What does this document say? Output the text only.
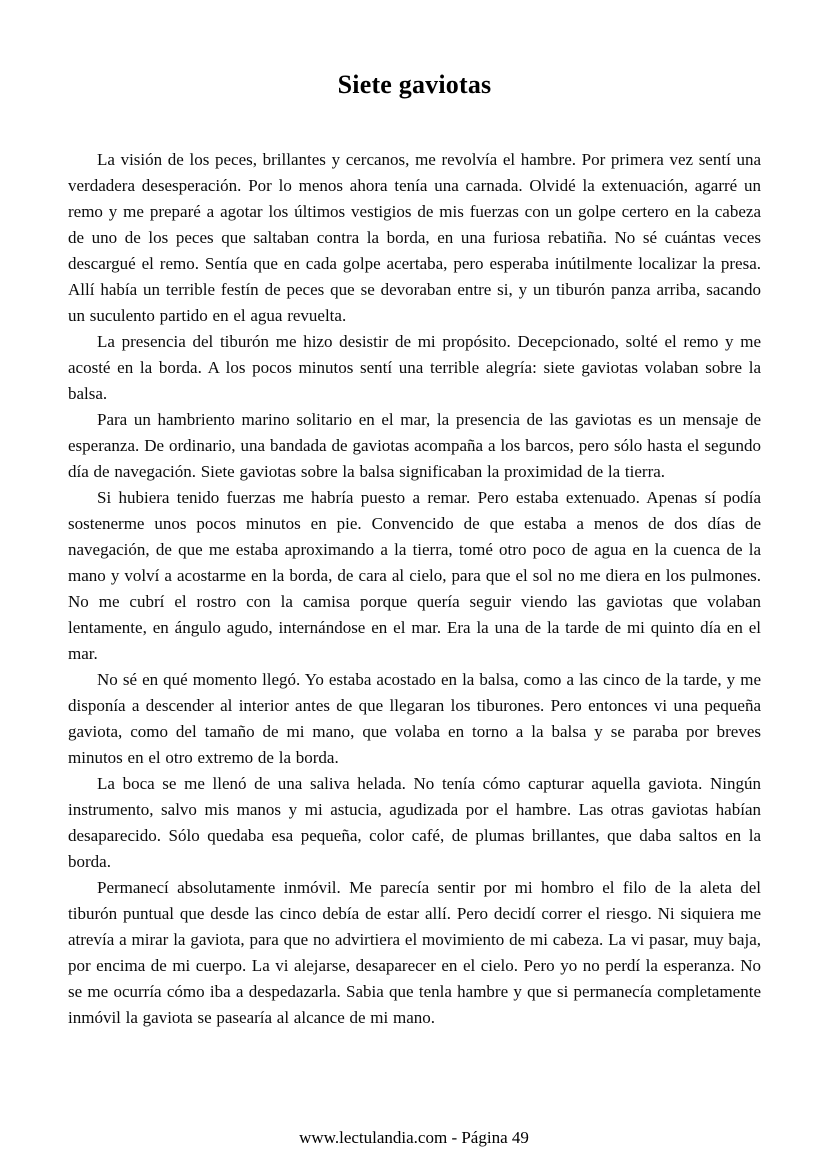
Siete gaviotas

La visión de los peces, brillantes y cercanos, me revolvía el hambre. Por primera vez sentí una verdadera desesperación. Por lo menos ahora tenía una carnada. Olvidé la extenuación, agarré un remo y me preparé a agotar los últimos vestigios de mis fuerzas con un golpe certero en la cabeza de uno de los peces que saltaban contra la borda, en una furiosa rebatiña. No sé cuántas veces descargué el remo. Sentía que en cada golpe acertaba, pero esperaba inútilmente localizar la presa. Allí había un terrible festín de peces que se devoraban entre si, y un tiburón panza arriba, sacando un suculento partido en el agua revuelta.

La presencia del tiburón me hizo desistir de mi propósito. Decepcionado, solté el remo y me acosté en la borda. A los pocos minutos sentí una terrible alegría: siete gaviotas volaban sobre la balsa.

Para un hambriento marino solitario en el mar, la presencia de las gaviotas es un mensaje de esperanza. De ordinario, una bandada de gaviotas acompaña a los barcos, pero sólo hasta el segundo día de navegación. Siete gaviotas sobre la balsa significaban la proximidad de la tierra.

Si hubiera tenido fuerzas me habría puesto a remar. Pero estaba extenuado. Apenas sí podía sostenerme unos pocos minutos en pie. Convencido de que estaba a menos de dos días de navegación, de que me estaba aproximando a la tierra, tomé otro poco de agua en la cuenca de la mano y volví a acostarme en la borda, de cara al cielo, para que el sol no me diera en los pulmones. No me cubrí el rostro con la camisa porque quería seguir viendo las gaviotas que volaban lentamente, en ángulo agudo, internándose en el mar. Era la una de la tarde de mi quinto día en el mar.

No sé en qué momento llegó. Yo estaba acostado en la balsa, como a las cinco de la tarde, y me disponía a descender al interior antes de que llegaran los tiburones. Pero entonces vi una pequeña gaviota, como del tamaño de mi mano, que volaba en torno a la balsa y se paraba por breves minutos en el otro extremo de la borda.

La boca se me llenó de una saliva helada. No tenía cómo capturar aquella gaviota. Ningún instrumento, salvo mis manos y mi astucia, agudizada por el hambre. Las otras gaviotas habían desaparecido. Sólo quedaba esa pequeña, color café, de plumas brillantes, que daba saltos en la borda.

Permanecí absolutamente inmóvil. Me parecía sentir por mi hombro el filo de la aleta del tiburón puntual que desde las cinco debía de estar allí. Pero decidí correr el riesgo. Ni siquiera me atrevía a mirar la gaviota, para que no advirtiera el movimiento de mi cabeza. La vi pasar, muy baja, por encima de mi cuerpo. La vi alejarse, desaparecer en el cielo. Pero yo no perdí la esperanza. No se me ocurría cómo iba a despedazarla. Sabia que tenla hambre y que si permanecía completamente inmóvil la gaviota se pasearía al alcance de mi mano.

www.lectulandia.com - Página 49
